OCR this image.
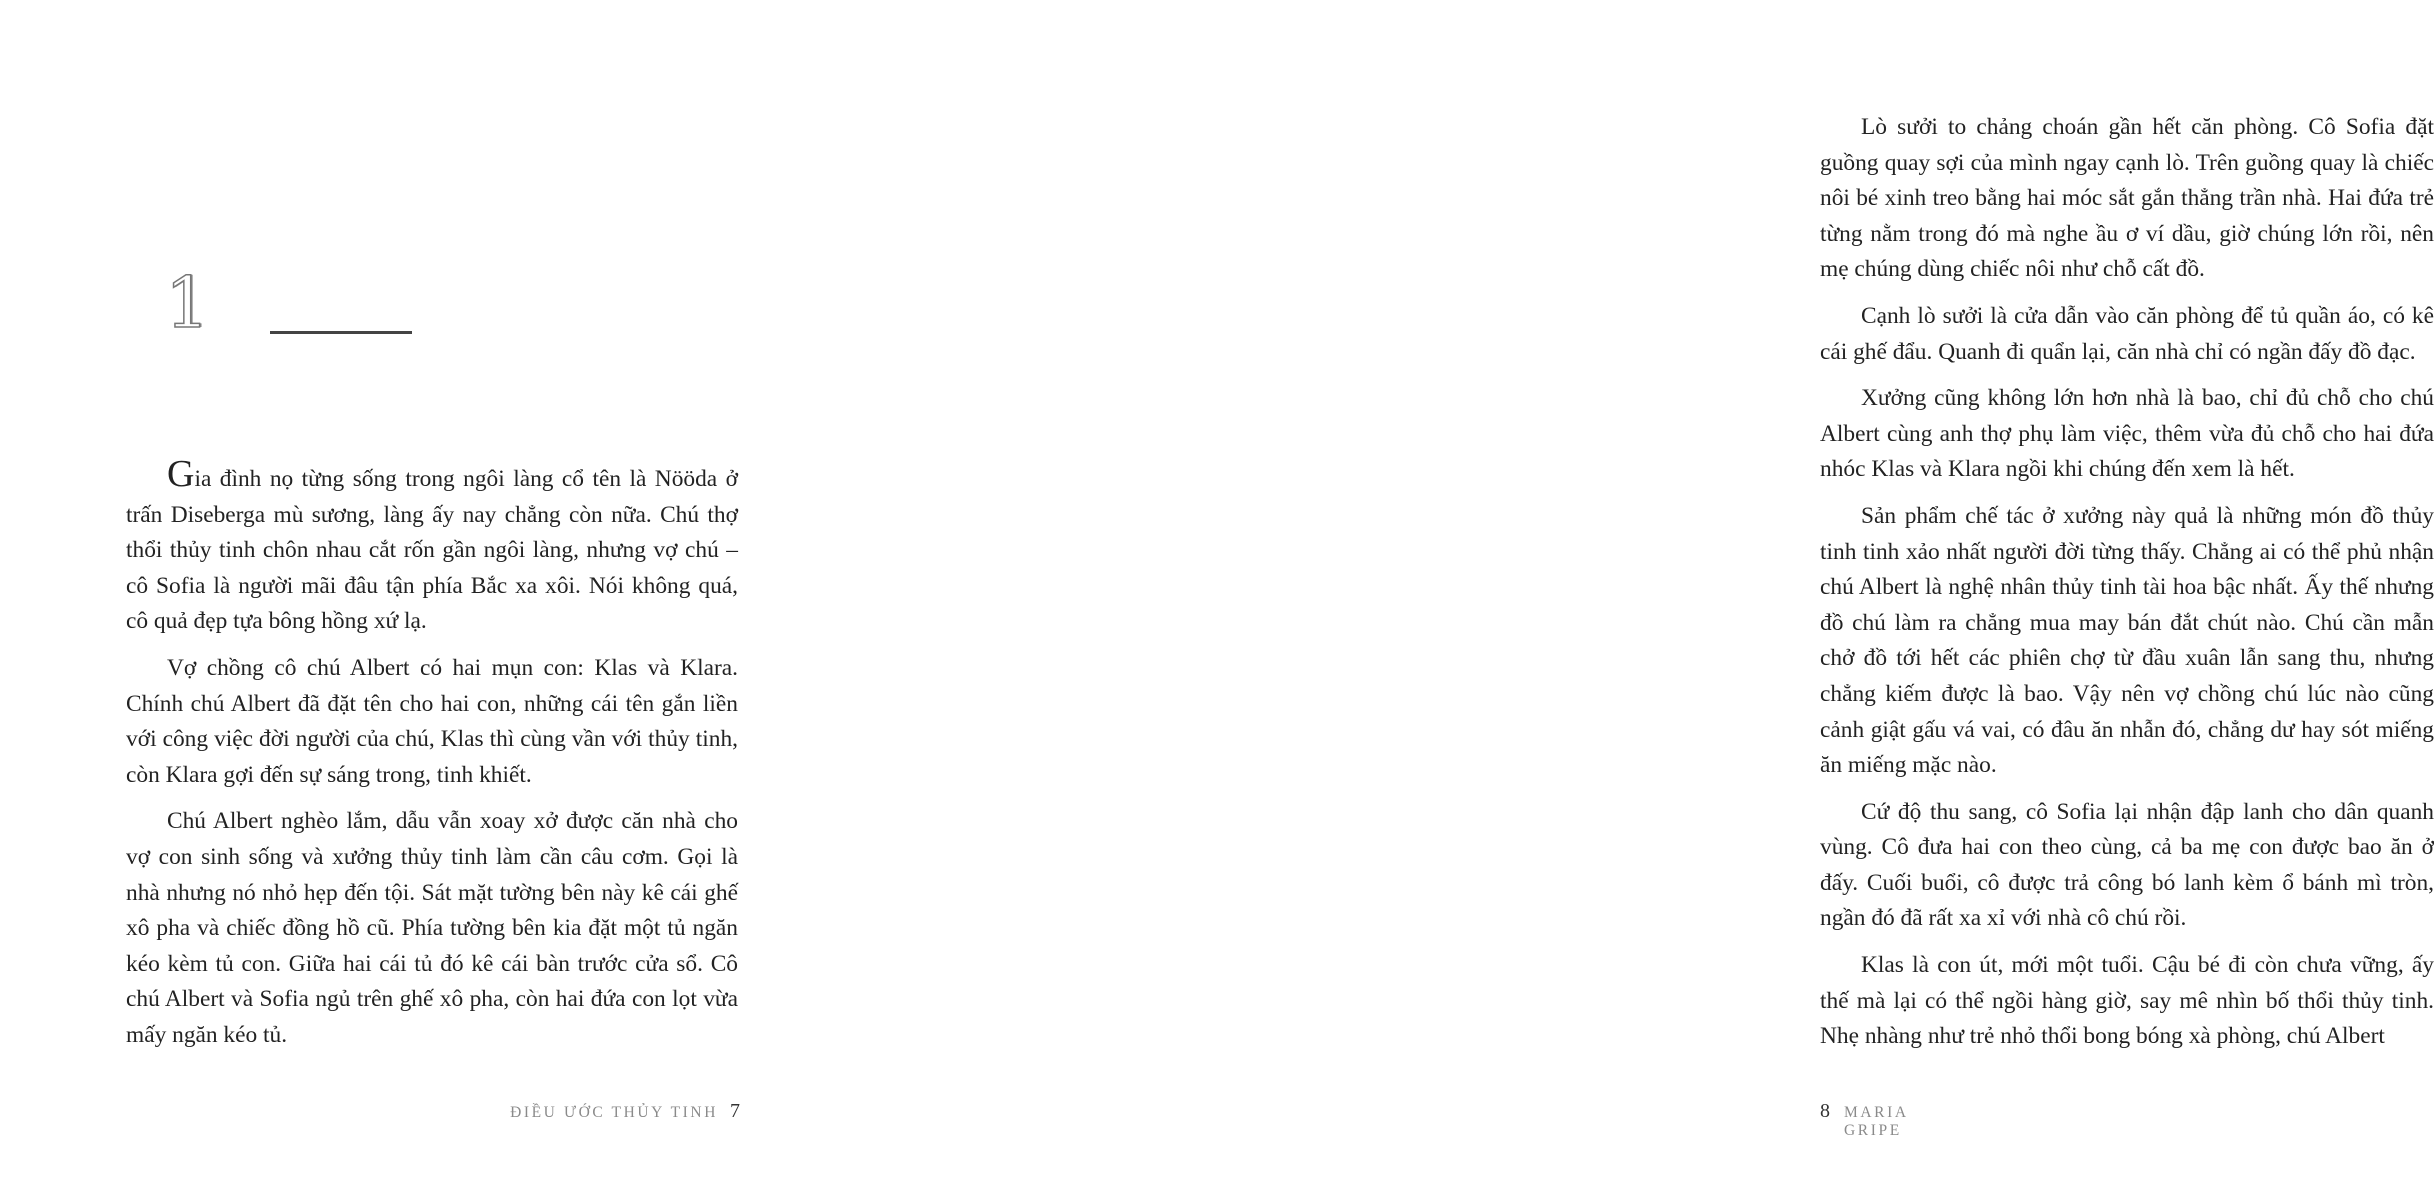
1

Gia đình nọ từng sống trong ngôi làng cổ tên là Nööda ở trấn Diseberga mù sương, làng ấy nay chẳng còn nữa. Chú thợ thổi thủy tinh chôn nhau cắt rốn gần ngôi làng, nhưng vợ chú – cô Sofia là người mãi đâu tận phía Bắc xa xôi. Nói không quá, cô quả đẹp tựa bông hồng xứ lạ.

Vợ chồng cô chú Albert có hai mụn con: Klas và Klara. Chính chú Albert đã đặt tên cho hai con, những cái tên gắn liền với công việc đời người của chú, Klas thì cùng vần với thủy tinh, còn Klara gợi đến sự sáng trong, tinh khiết.

Chú Albert nghèo lắm, dẫu vẫn xoay xở được căn nhà cho vợ con sinh sống và xưởng thủy tinh làm cần câu cơm. Gọi là nhà nhưng nó nhỏ hẹp đến tội. Sát mặt tường bên này kê cái ghế xô pha và chiếc đồng hồ cũ. Phía tường bên kia đặt một tủ ngăn kéo kèm tủ con. Giữa hai cái tủ đó kê cái bàn trước cửa sổ. Cô chú Albert và Sofia ngủ trên ghế xô pha, còn hai đứa con lọt vừa mấy ngăn kéo tủ.

ĐIỀU ƯỚC THỦY TINH 7

Lò sưởi to chảng choán gần hết căn phòng. Cô Sofia đặt guồng quay sợi của mình ngay cạnh lò. Trên guồng quay là chiếc nôi bé xinh treo bằng hai móc sắt gắn thẳng trần nhà. Hai đứa trẻ từng nằm trong đó mà nghe ầu ơ ví dầu, giờ chúng lớn rồi, nên mẹ chúng dùng chiếc nôi như chỗ cất đồ.

Cạnh lò sưởi là cửa dẫn vào căn phòng để tủ quần áo, có kê cái ghế đẩu. Quanh đi quẩn lại, căn nhà chỉ có ngần đấy đồ đạc.

Xưởng cũng không lớn hơn nhà là bao, chỉ đủ chỗ cho chú Albert cùng anh thợ phụ làm việc, thêm vừa đủ chỗ cho hai đứa nhóc Klas và Klara ngồi khi chúng đến xem là hết.

Sản phẩm chế tác ở xưởng này quả là những món đồ thủy tinh tinh xảo nhất người đời từng thấy. Chẳng ai có thể phủ nhận chú Albert là nghệ nhân thủy tinh tài hoa bậc nhất. Ấy thế nhưng đồ chú làm ra chẳng mua may bán đắt chút nào. Chú cần mẫn chở đồ tới hết các phiên chợ từ đầu xuân lẫn sang thu, nhưng chẳng kiếm được là bao. Vậy nên vợ chồng chú lúc nào cũng cảnh giật gấu vá vai, có đâu ăn nhẫn đó, chẳng dư hay sót miếng ăn miếng mặc nào.

Cứ độ thu sang, cô Sofia lại nhận đập lanh cho dân quanh vùng. Cô đưa hai con theo cùng, cả ba mẹ con được bao ăn ở đấy. Cuối buổi, cô được trả công bó lanh kèm ổ bánh mì tròn, ngần đó đã rất xa xỉ với nhà cô chú rồi.

Klas là con út, mới một tuổi. Cậu bé đi còn chưa vững, ấy thế mà lại có thể ngồi hàng giờ, say mê nhìn bố thổi thủy tinh. Nhẹ nhàng như trẻ nhỏ thổi bong bóng xà phòng, chú Albert

8 MARIA GRIPE
